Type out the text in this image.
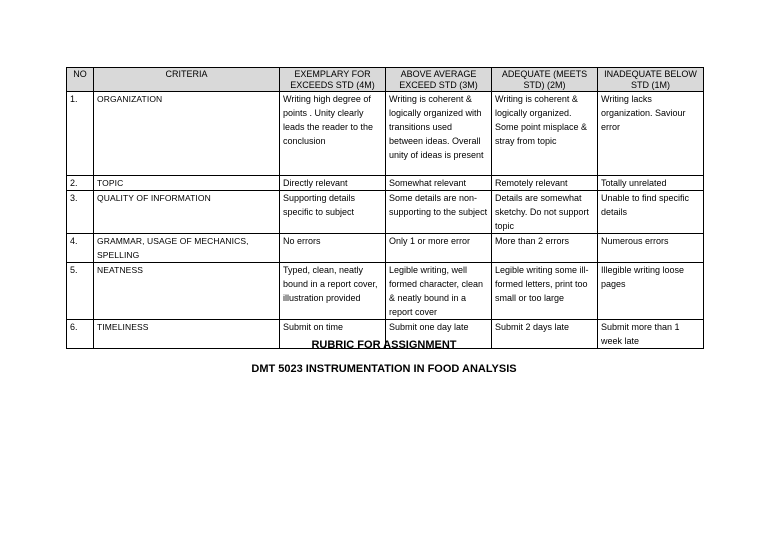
NO	CRITERIA	EXEMPLARY FOR EXCEEDS STD (4M)	ABOVE AVERAGE EXCEED STD (3M)	ADEQUATE (MEETS STD) (2M)	INADEQUATE BELOW STD (1M)
1.	ORGANIZATION	Writing high degree of points . Unity clearly leads the reader to the conclusion	Writing is coherent & logically organized with transitions used between ideas. Overall unity of ideas is present	Writing is coherent & logically organized. Some point misplace & stray from topic	Writing lacks organization. Saviour error
2.	TOPIC	Directly relevant	Somewhat relevant	Remotely relevant	Totally unrelated
3.	QUALITY OF INFORMATION	Supporting details specific to subject	Some details are non-supporting to the subject	Details are somewhat sketchy. Do not support topic	Unable to find specific details
4.	GRAMMAR, USAGE OF MECHANICS, SPELLING	No errors	Only 1 or more error	More than 2 errors	Numerous errors
5.	NEATNESS	Typed, clean, neatly bound in a report cover, illustration provided	Legible writing, well formed character, clean & neatly bound in a report cover	Legible writing some ill-formed letters, print too small or too large	Illegible writing loose pages
6.	TIMELINESS	Submit on time	Submit one day late	Submit 2 days late	Submit more than 1 week late
RUBRIC FOR ASSIGNMENT
DMT 5023 INSTRUMENTATION IN FOOD ANALYSIS
